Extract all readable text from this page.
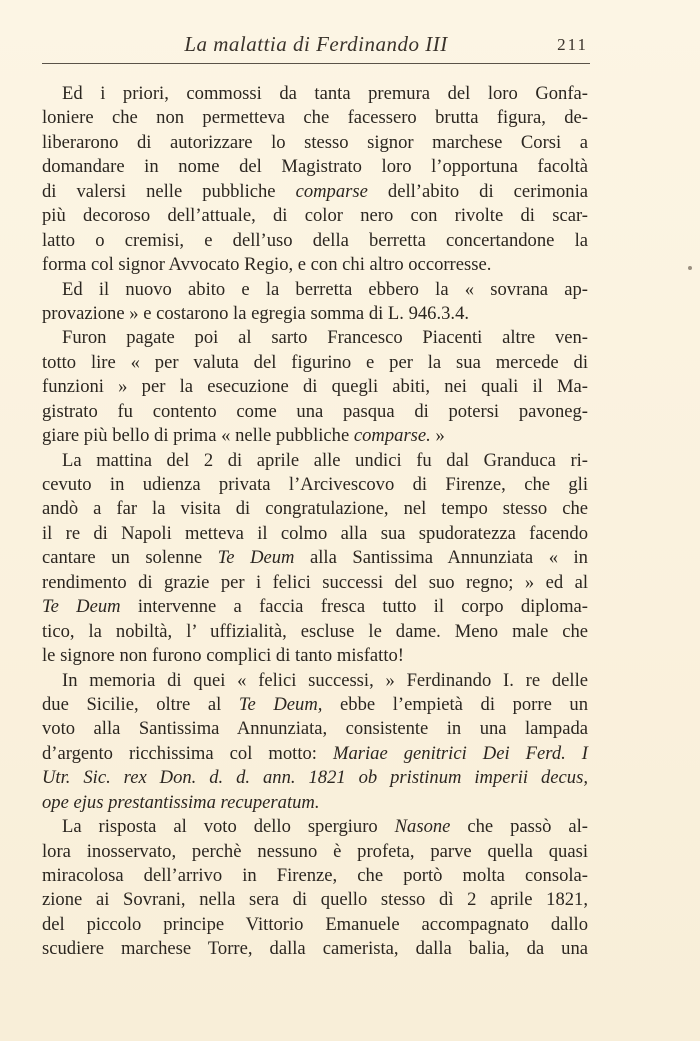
La malattia di Ferdinando III	211
Ed i priori, commossi da tanta premura del loro Gonfa-
loniere che non permetteva che facessero brutta figura, de-
liberarono di autorizzare lo stesso signor marchese Corsi a
domandare in nome del Magistrato loro l’opportuna facoltà
di valersi nelle pubbliche comparse dell’abito di cerimonia
più decoroso dell’attuale, di color nero con rivolte di scar-
latto o cremisi, e dell’uso della berretta concertandone la
forma col signor Avvocato Regio, e con chi altro occorresse.
Ed il nuovo abito e la berretta ebbero la « sovrana ap-
provazione » e costarono la egregia somma di L. 946.3.4.
Furon pagate poi al sarto Francesco Piacenti altre ven-
totto lire « per valuta del figurino e per la sua mercede di
funzioni » per la esecuzione di quegli abiti, nei quali il Ma-
gistrato fu contento come una pasqua di potersi pavoneg-
giare più bello di prima « nelle pubbliche comparse. »
La mattina del 2 di aprile alle undici fu dal Granduca ri-
cevuto in udienza privata l’Arcivescovo di Firenze, che gli
andò a far la visita di congratulazione, nel tempo stesso che
il re di Napoli metteva il colmo alla sua spudoratezza facendo
cantare un solenne Te Deum alla Santissima Annunziata « in
rendimento di grazie per i felici successi del suo regno; » ed al
Te Deum intervenne a faccia fresca tutto il corpo diploma-
tico, la nobiltà, l’ uffizialità, escluse le dame. Meno male che
le signore non furono complici di tanto misfatto!
In memoria di quei « felici successi, » Ferdinando I. re delle
due Sicilie, oltre al Te Deum, ebbe l’empietà di porre un
voto alla Santissima Annunziata, consistente in una lampada
d’argento ricchissima col motto: Mariae genitrici Dei Ferd. I
Utr. Sic. rex Don. d. d. ann. 1821 ob pristinum imperii decus,
ope ejus prestantissima recuperatum.
La risposta al voto dello spergiuro Nasone che passò al-
lora inosservato, perchè nessuno è profeta, parve quella quasi
miracolosa dell’arrivo in Firenze, che portò molta consola-
zione ai Sovrani, nella sera di quello stesso dì 2 aprile 1821,
del piccolo principe Vittorio Emanuele accompagnato dallo
scudiere marchese Torre, dalla camerista, dalla balia, da una
